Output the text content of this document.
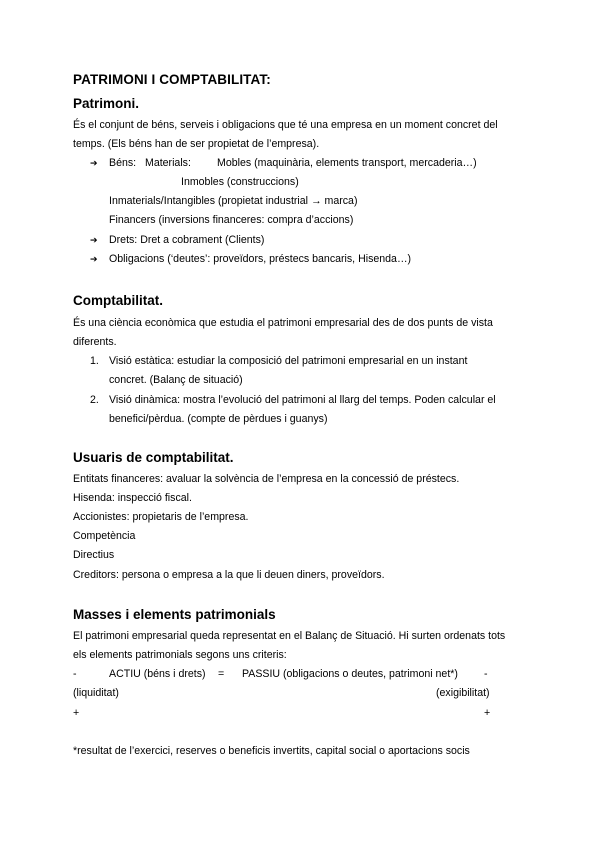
PATRIMONI I COMPTABILITAT:
Patrimoni.
És el conjunt de béns, serveis i obligacions que té una empresa en un moment concret del
temps. (Els béns han de ser propietat de l’empresa).
➔ Béns: Materials: Mobles (maquinària, elements transport, mercaderia…)
Inmobles (construccions)
Inmaterials/Intangibles (propietat industrial → marca)
Financers (inversions financeres: compra d’accions)
➔ Drets: Dret a cobrament (Clients)
➔ Obligacions (‘deutes’: proveïdors, préstecs bancaris, Hisenda…)
Comptabilitat.
És una ciència econòmica que estudia el patrimoni empresarial des de dos punts de vista
diferents.
1. Visió estàtica: estudiar la composició del patrimoni empresarial en un instant
concret. (Balanç de situació)
2. Visió dinàmica: mostra l’evolució del patrimoni al llarg del temps. Poden calcular el
benefici/pèrdua. (compte de pèrdues i guanys)
Usuaris de comptabilitat.
Entitats financeres: avaluar la solvència de l’empresa en la concessió de préstecs.
Hisenda: inspecció fiscal.
Accionistes: propietaris de l’empresa.
Competència
Directius
Creditors: persona o empresa a la que li deuen diners, proveïdors.
Masses i elements patrimonials
El patrimoni empresarial queda representat en el Balanç de Situació. Hi surten ordenats tots
els elements patrimonials segons uns criteris:
-	ACTIU (béns i drets) = PASSIU (obligacions o deutes, patrimoni net*) -
(liquiditat)	(exigibilitat)
+	+
*resultat de l’exercici, reserves o beneficis invertits, capital social o aportacions socis
